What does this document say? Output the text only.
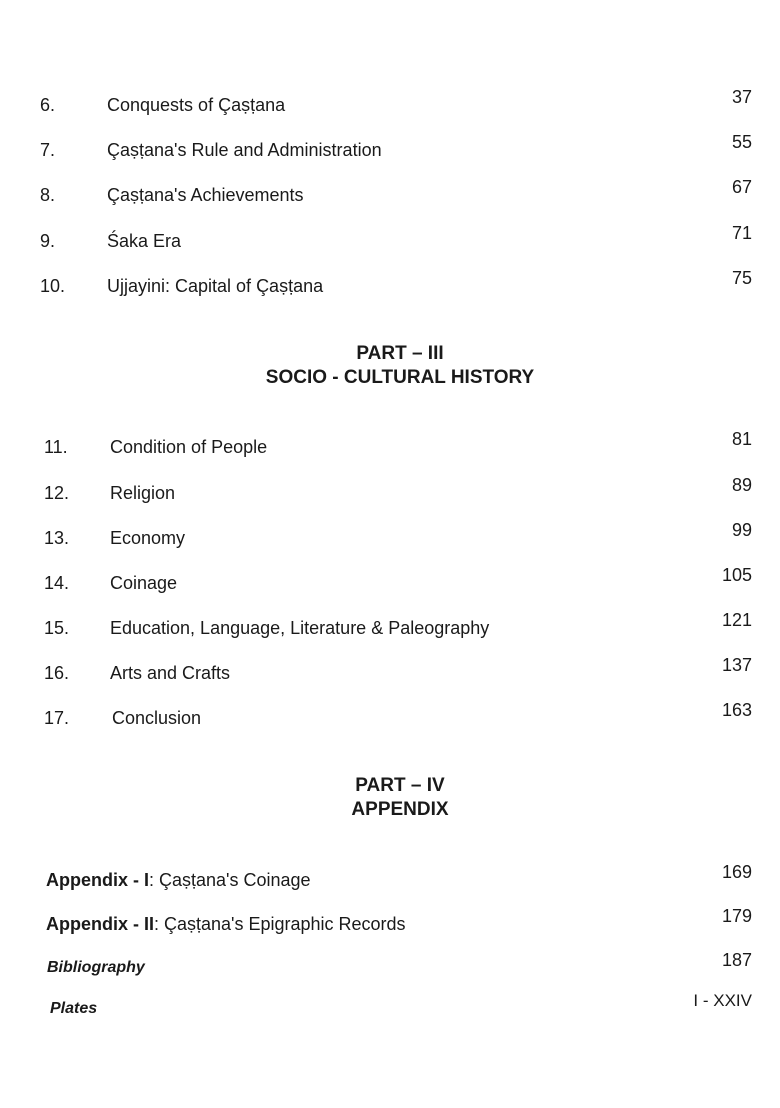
6.	Conquests of Çaṣṭana	37
7.	Çaṣṭana's Rule and Administration	55
8.	Çaṣṭana's Achievements	67
9.	Śaka Era	71
10. Ujjayini: Capital of Çaṣṭana	75
PART – III
SOCIO - CULTURAL HISTORY
11. Condition of People	81
12. Religion	89
13. Economy	99
14. Coinage	105
15. Education, Language, Literature & Paleography	121
16. Arts and Crafts	137
17. Conclusion	163
PART – IV
APPENDIX
Appendix - I: Çaṣṭana's Coinage	169
Appendix - II: Çaṣṭana's Epigraphic Records	179
Bibliography	187
Plates	I - XXIV
